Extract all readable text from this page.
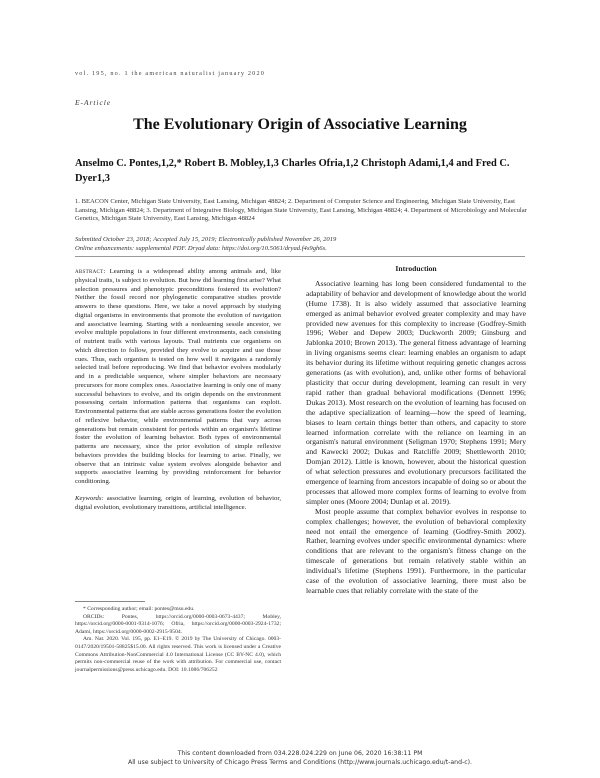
vol. 195, no. 1 the american naturalist january 2020
E-Article
The Evolutionary Origin of Associative Learning
Anselmo C. Pontes,1,2,* Robert B. Mobley,1,3 Charles Ofria,1,2 Christoph Adami,1,4 and Fred C. Dyer1,3
1. BEACON Center, Michigan State University, East Lansing, Michigan 48824; 2. Department of Computer Science and Engineering, Michigan State University, East Lansing, Michigan 48824; 3. Department of Integrative Biology, Michigan State University, East Lansing, Michigan 48824; 4. Department of Microbiology and Molecular Genetics, Michigan State University, East Lansing, Michigan 48824
Submitted October 23, 2018; Accepted July 15, 2019; Electronically published November 26, 2019
Online enhancements: supplemental PDF. Dryad data: https://doi.org/10.5061/dryad.f4s9gh6s.
abstract: Learning is a widespread ability among animals and, like physical traits, is subject to evolution. But how did learning first arise? What selection pressures and phenotypic preconditions fostered its evolution? Neither the fossil record nor phylogenetic comparative studies provide answers to these questions. Here, we take a novel approach by studying digital organisms in environments that promote the evolution of navigation and associative learning. Starting with a nonlearning sessile ancestor, we evolve multiple populations in four different environments, each consisting of nutrient trails with various layouts. Trail nutrients cue organisms on which direction to follow, provided they evolve to acquire and use those cues. Thus, each organism is tested on how well it navigates a randomly selected trail before reproducing. We find that behavior evolves modularly and in a predictable sequence, where simpler behaviors are necessary precursors for more complex ones. Associative learning is only one of many successful behaviors to evolve, and its origin depends on the environment possessing certain information patterns that organisms can exploit. Environmental patterns that are stable across generations foster the evolution of reflexive behavior, while environmental patterns that vary across generations but remain consistent for periods within an organism's lifetime foster the evolution of learning behavior. Both types of environmental patterns are necessary, since the prior evolution of simple reflexive behaviors provides the building blocks for learning to arise. Finally, we observe that an intrinsic value system evolves alongside behavior and supports associative learning by providing reinforcement for behavior conditioning.
Keywords: associative learning, origin of learning, evolution of behavior, digital evolution, evolutionary transitions, artificial intelligence.
Introduction

Associative learning has long been considered fundamental to the adaptability of behavior and development of knowledge about the world (Hume 1738). It is also widely assumed that associative learning emerged as animal behavior evolved greater complexity and may have provided new avenues for this complexity to increase (Godfrey-Smith 1996; Weber and Depew 2003; Duckworth 2009; Ginsburg and Jablonka 2010; Brown 2013). The general fitness advantage of learning in living organisms seems clear: learning enables an organism to adapt its behavior during its lifetime without requiring genetic changes across generations (as with evolution), and, unlike other forms of behavioral plasticity that occur during development, learning can result in very rapid rather than gradual behavioral modifications (Dennett 1996; Dukas 2013). Most research on the evolution of learning has focused on the adaptive specialization of learning—how the speed of learning, biases to learn certain things better than others, and capacity to store learned information correlate with the reliance on learning in an organism's natural environment (Seligman 1970; Stephens 1991; Mery and Kawecki 2002; Dukas and Ratcliffe 2009; Shettleworth 2010; Domjan 2012). Little is known, however, about the historical question of what selection pressures and evolutionary precursors facilitated the emergence of learning from ancestors incapable of doing so or about the processes that allowed more complex forms of learning to evolve from simpler ones (Moore 2004; Dunlap et al. 2019).

Most people assume that complex behavior evolves in response to complex challenges; however, the evolution of behavioral complexity need not entail the emergence of learning (Godfrey-Smith 2002). Rather, learning evolves under specific environmental dynamics: where conditions that are relevant to the organism's fitness change on the timescale of generations but remain relatively stable within an individual's lifetime (Stephens 1991). Furthermore, in the particular case of the evolution of associative learning, there must also be learnable cues that reliably correlate with the state of the

* Corresponding author; email: pontes@msu.edu.

ORCIDs: Pontes, https://orcid.org/0000-0003-0673-4437; Mobley, https://orcid.org/0000-0001-9314-1076; Ofria, https://orcid.org/0000-0003-2924-1732; Adami, https://orcid.org/0000-0002-2915-9504.

Am. Nat. 2020. Vol. 195, pp. E1–E19. © 2019 by The University of Chicago. 0003-0147/2020/19501-58825$15.00. All rights reserved. This work is licensed under a Creative Commons Attribution-NonCommercial 4.0 International License (CC BY-NC 4.0), which permits non-commercial reuse of the work with attribution. For commercial use, contact journalpermissions@press.uchicago.edu. DOI: 10.1086/706252

This content downloaded from 034.228.024.229 on June 06, 2020 16:38:11 PM
All use subject to University of Chicago Press Terms and Conditions (http://www.journals.uchicago.edu/t-and-c).
